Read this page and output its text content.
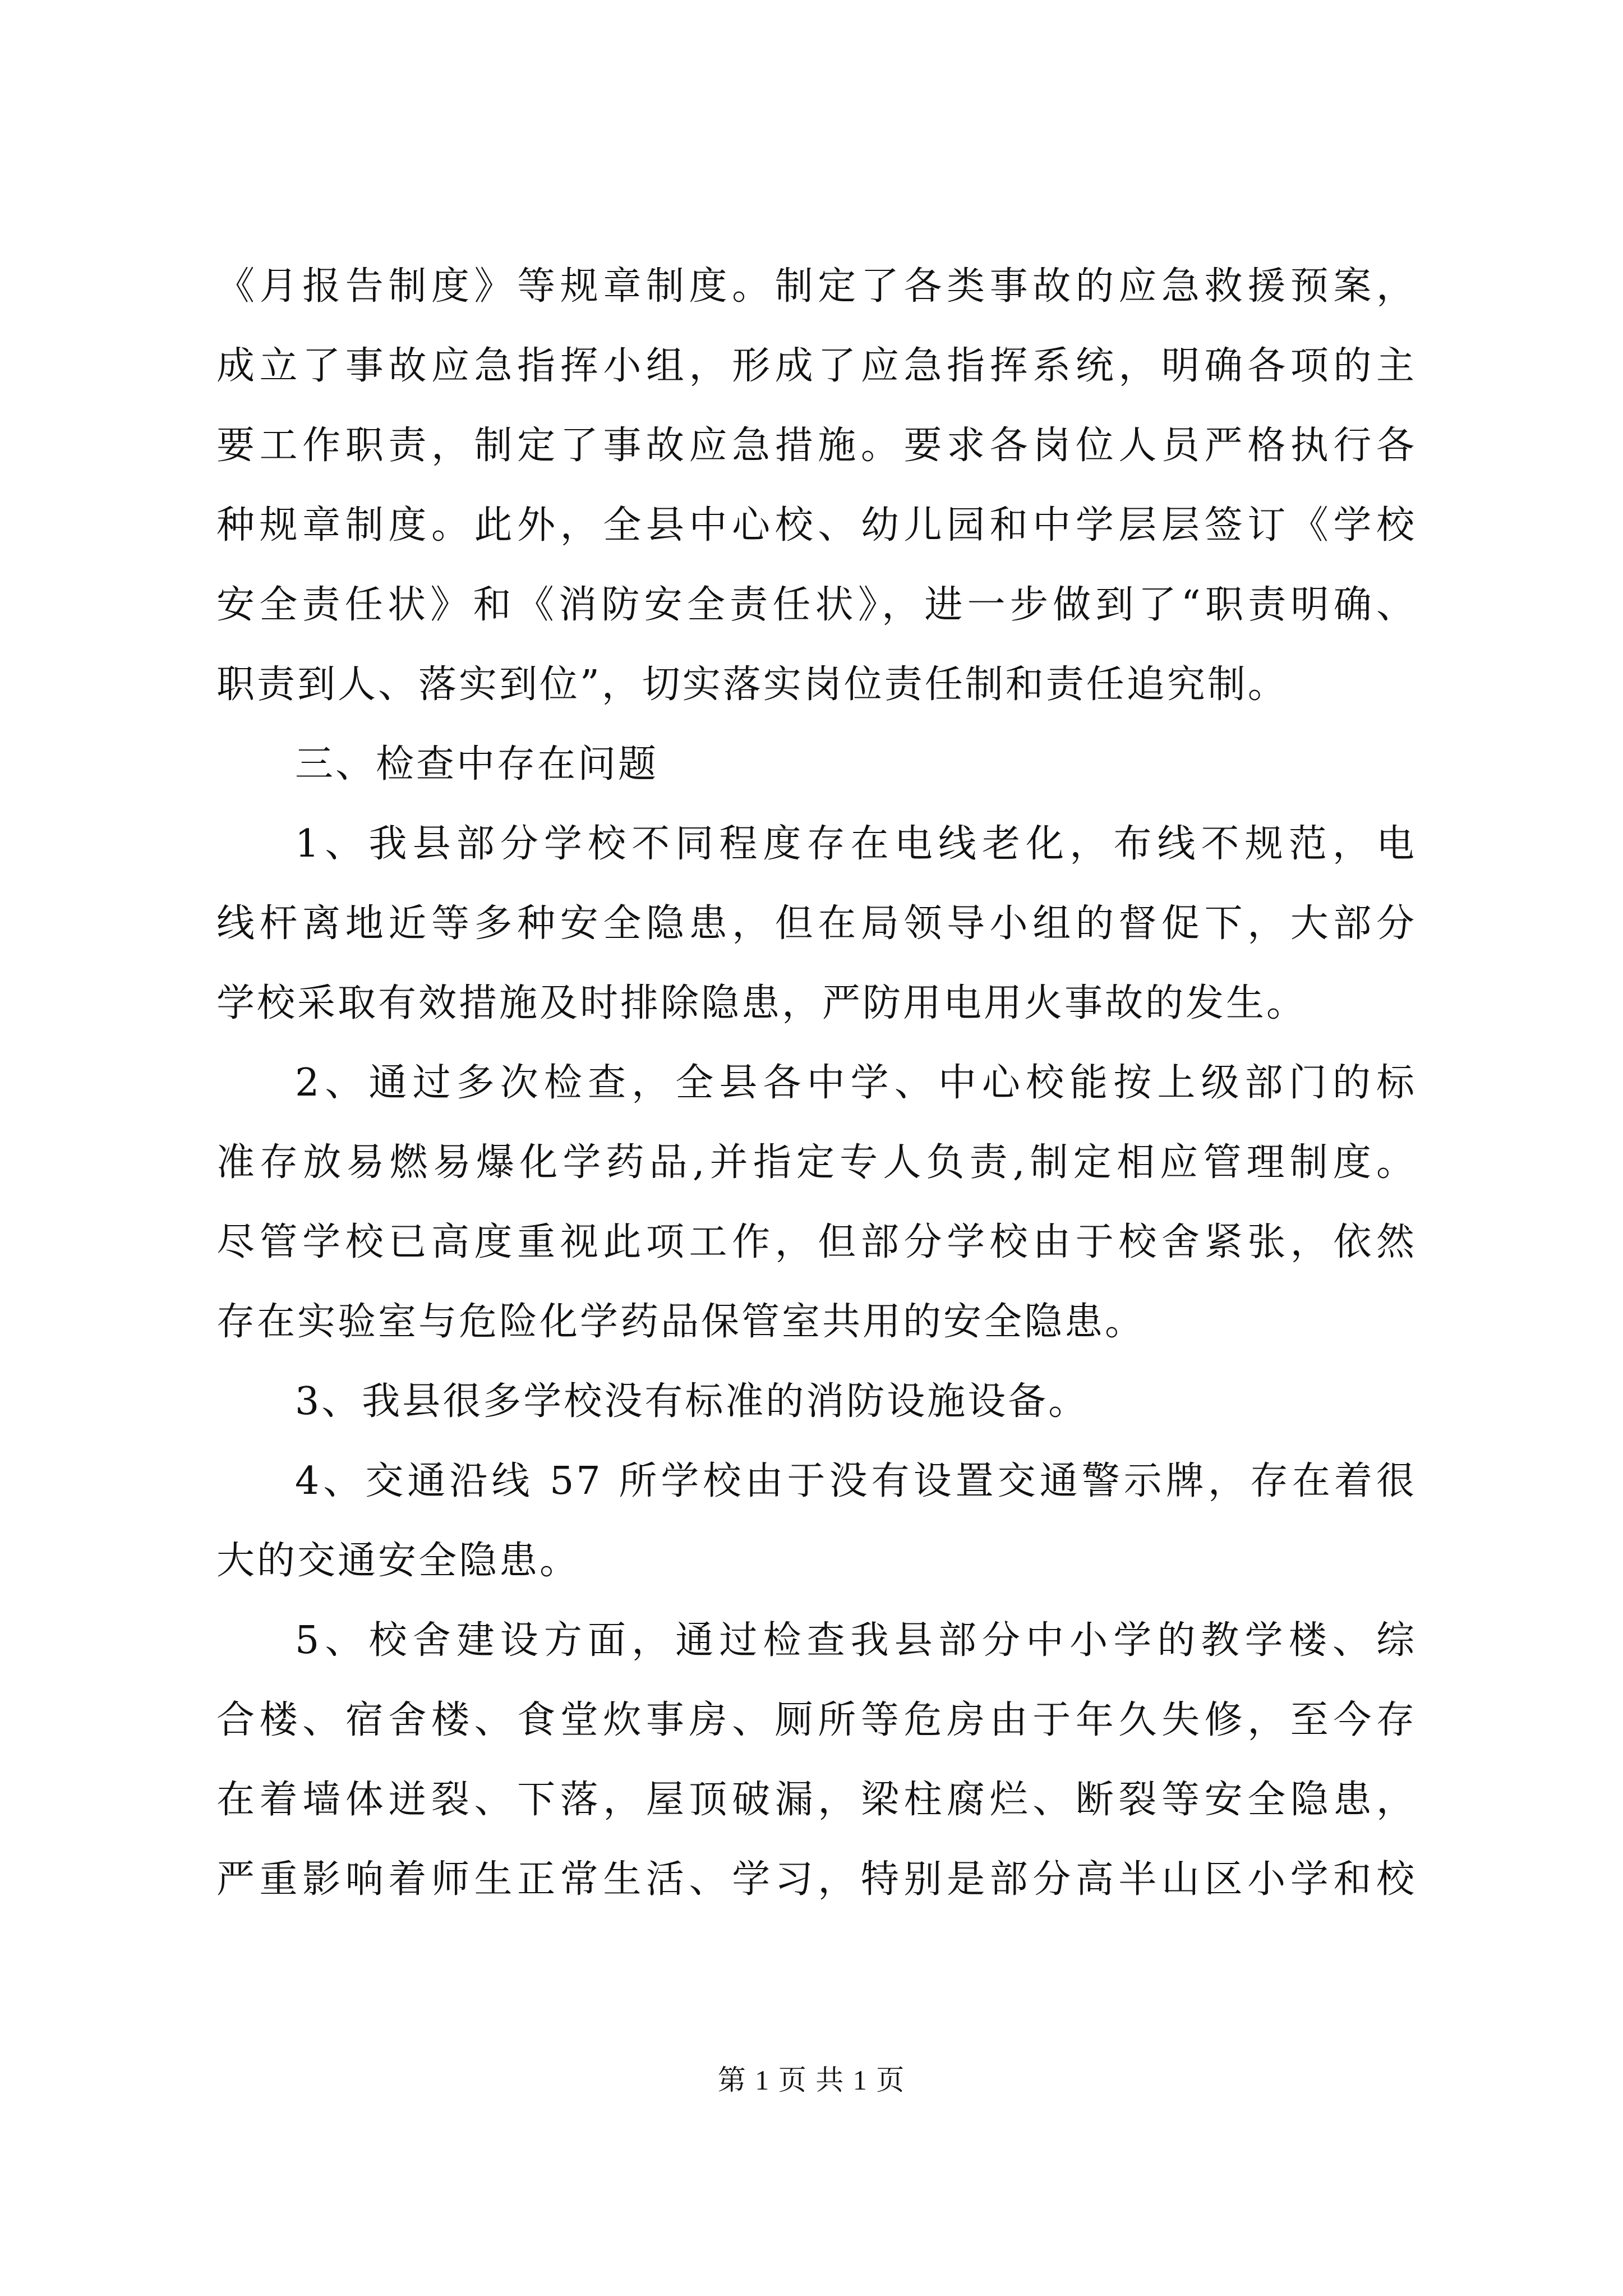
《月报告制度》等规章制度。制定了各类事故的应急救援预案，
成立了事故应急指挥小组，形成了应急指挥系统，明确各项的主
要工作职责，制定了事故应急措施。要求各岗位人员严格执行各
种规章制度。此外，全县中心校、幼儿园和中学层层签订《学校
安全责任状》和《消防安全责任状》，进一步做到了“职责明确、
职责到人、落实到位”，切实落实岗位责任制和责任追究制。
三、检查中存在问题
1、我县部分学校不同程度存在电线老化，布线不规范，电
线杆离地近等多种安全隐患，但在局领导小组的督促下，大部分
学校采取有效措施及时排除隐患，严防用电用火事故的发生。
2、通过多次检查，全县各中学、中心校能按上级部门的标
准存放易燃易爆化学药品,并指定专人负责,制定相应管理制度。
尽管学校已高度重视此项工作，但部分学校由于校舍紧张，依然
存在实验室与危险化学药品保管室共用的安全隐患。
3、我县很多学校没有标准的消防设施设备。
4、交通沿线 57 所学校由于没有设置交通警示牌，存在着很
大的交通安全隐患。
5、校舍建设方面，通过检查我县部分中小学的教学楼、综
合楼、宿舍楼、食堂炊事房、厕所等危房由于年久失修，至今存
在着墙体迸裂、下落，屋顶破漏，梁柱腐烂、断裂等安全隐患，
严重影响着师生正常生活、学习，特别是部分高半山区小学和校
第 1 页 共 1 页
